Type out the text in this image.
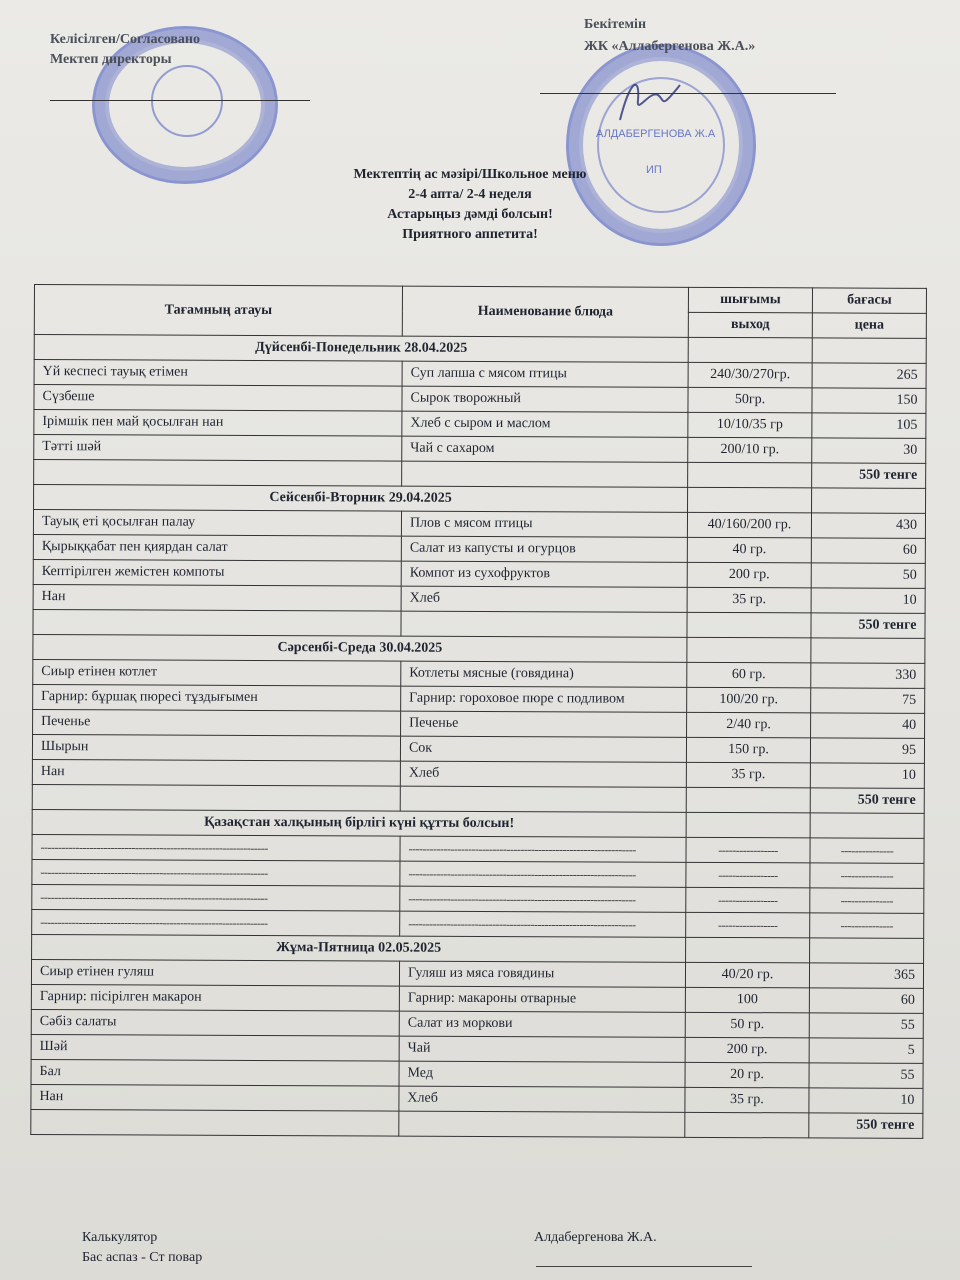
АЛДАБЕРГЕНОВА Ж.А
ИП
Келісілген/Согласовано
Мектеп директоры
Бекітемін
ЖК «Аллабергенова Ж.А.»
Мектептің ас мәзірі/Школьное меню
2-4 апта/ 2-4 неделя
Астарыңыз дәмді болсын!
Приятного аппетита!
Тағамның атауы	Наименование блюда	шығымы	бағасы
		выход	цена
Дүйсенбі-Понедельник 28.04.2025			
Үй кеспесі тауық етімен	Суп лапша с мясом птицы	240/30/270гр.	265
Сүзбеше	Сырок творожный	50гр.	150
Ірімшік пен май қосылған нан	Хлеб с сыром и маслом	10/10/35 гр	105
Тәтті шәй	Чай с сахаром	200/10 гр.	30
			550 тенге
Сейсенбі-Вторник 29.04.2025			
Тауық еті қосылған палау	Плов с мясом птицы	40/160/200 гр.	430
Қырыққабат пен қиярдан салат	Салат из капусты и огурцов	40 гр.	60
Кептірілген жемістен компоты	Компот из сухофруктов	200 гр.	50
Нан	Хлеб	35 гр.	10
			550 тенге
Сәрсенбі-Среда 30.04.2025			
Сиыр етінен котлет	Котлеты мясные (говядина)	60 гр.	330
Гарнир: бұршақ пюресі тұздығымен	Гарнир: гороховое пюре с подливом	100/20 гр.	75
Печенье	Печенье	2/40 гр.	40
Шырын	Сок	150 гр.	95
Нан	Хлеб	35 гр.	10
			550 тенге
Қазақстан халқының бірлігі күні құтты болсын!			
-----------------------------------------------------------------	-----------------------------------------------------------------	-----------------	---------------
-----------------------------------------------------------------	-----------------------------------------------------------------	-----------------	---------------
-----------------------------------------------------------------	-----------------------------------------------------------------	-----------------	---------------
-----------------------------------------------------------------	-----------------------------------------------------------------	-----------------	---------------
Жұма-Пятница 02.05.2025			
Сиыр етінен гуляш	Гуляш из мяса говядины	40/20 гр.	365
Гарнир: пісірілген макарон	Гарнир: макароны отварные	100	60
Сәбіз салаты	Салат из моркови	50 гр.	55
Шәй	Чай	200 гр.	5
Бал	Мед	20 гр.	55
Нан	Хлеб	35 гр.	10
			550 тенге
Калькулятор
Бас аспаз - Ст повар
Алдабергенова Ж.А.
